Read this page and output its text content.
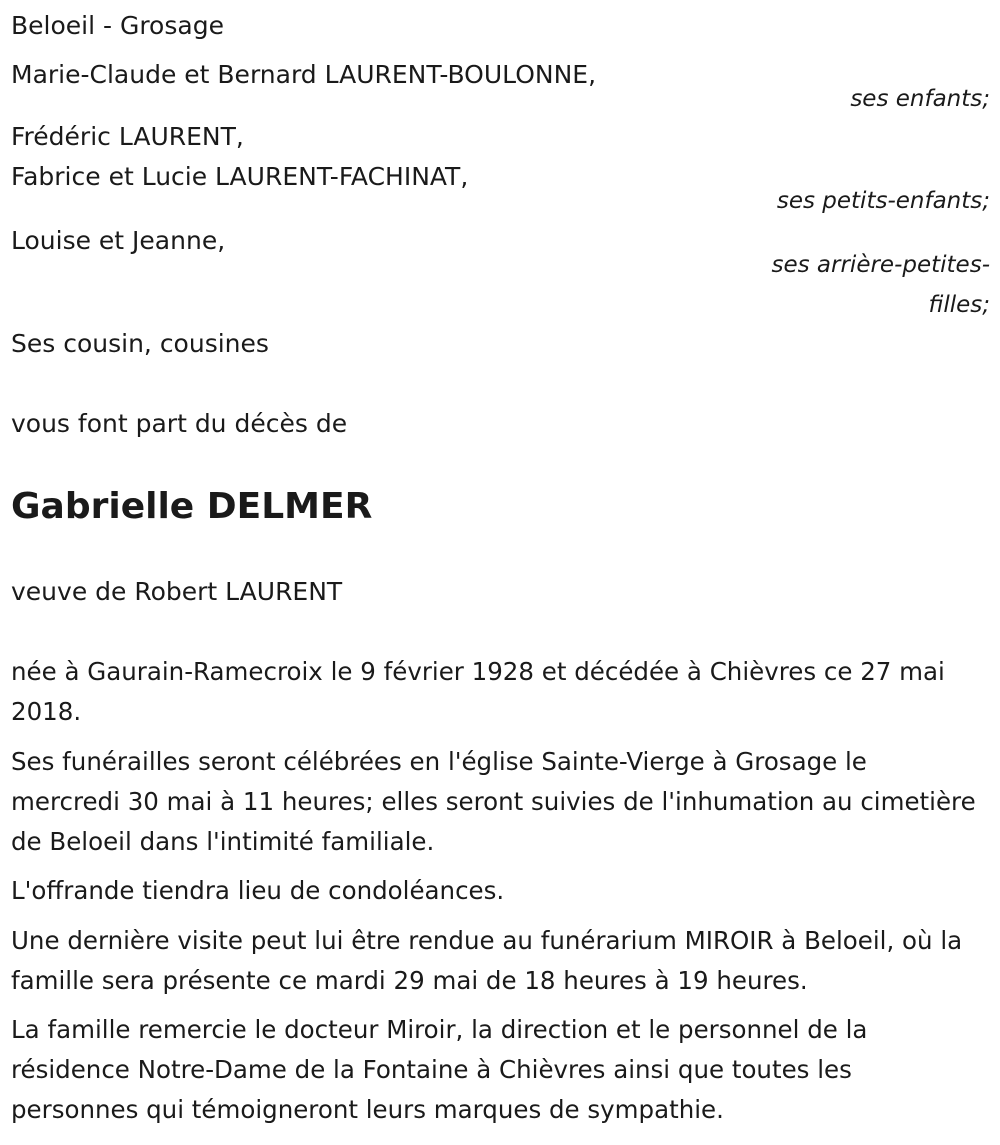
Beloeil - Grosage
Marie-Claude et Bernard LAURENT-BOULONNE,
ses enfants;
Frédéric LAURENT,
Fabrice et Lucie LAURENT-FACHINAT,
ses petits-enfants;
Louise et Jeanne,
ses arrière-petites-
filles;
Ses cousin, cousines
vous font part du décès de
Gabrielle DELMER
veuve de Robert LAURENT

née à Gaurain-Ramecroix le 9 février 1928 et décédée à Chièvres ce 27 mai 2018.

Ses funérailles seront célébrées en l'église Sainte-Vierge à Grosage le mercredi 30 mai à 11 heures; elles seront suivies de l'inhumation au cimetière de Beloeil dans l'intimité familiale.

L'offrande tiendra lieu de condoléances.

Une dernière visite peut lui être rendue au funérarium MIROIR à Beloeil, où la famille sera présente ce mardi 29 mai de 18 heures à 19 heures.

La famille remercie le docteur Miroir, la direction et le personnel de la résidence Notre-Dame de la Fontaine à Chièvres ainsi que toutes les personnes qui témoigneront leurs marques de sympathie.
